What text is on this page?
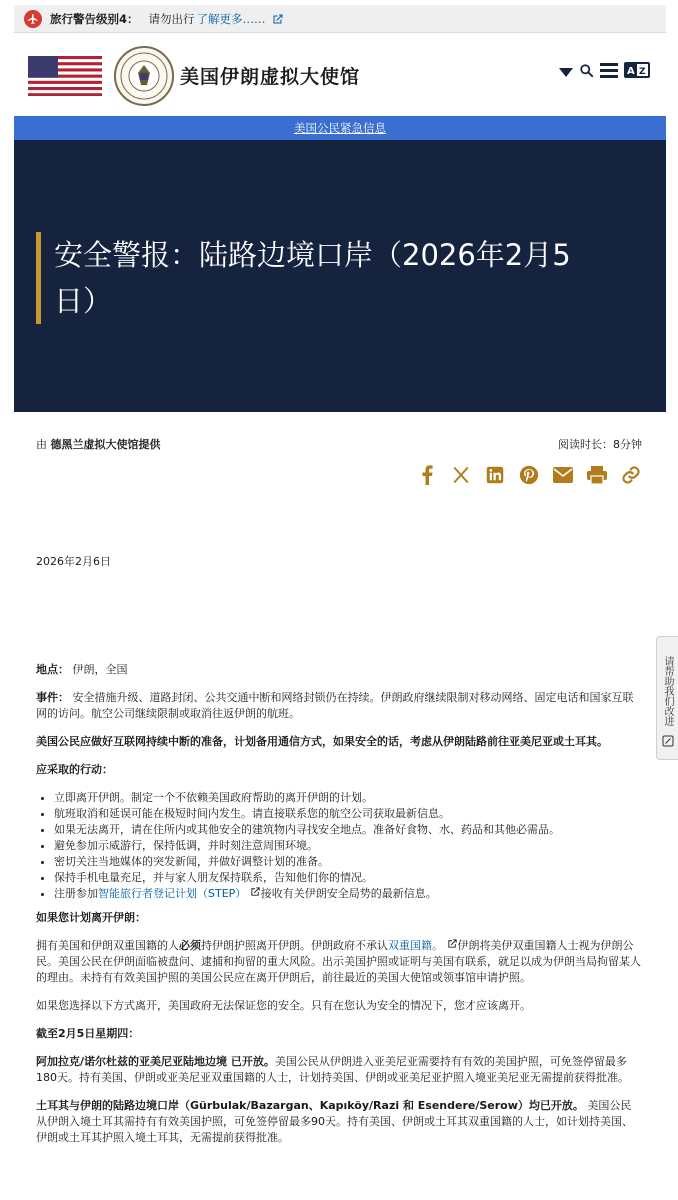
旅行警告级别4： 请勿出行 了解更多……
美国伊朗虚拟大使馆	A Z
美国公民紧急信息
安全警报：陆路边境口岸（2026年2月5日）
由 德黑兰虚拟大使馆提供	阅读时长：8分钟
2026年2月6日

地点： 伊朗，全国

事件： 安全措施升级、道路封闭、公共交通中断和网络封锁仍在持续。伊朗政府继续限制对移动网络、固定电话和国家互联网的访问。航空公司继续限制或取消往返伊朗的航班。

美国公民应做好互联网持续中断的准备，计划备用通信方式，如果安全的话，考虑从伊朗陆路前往亚美尼亚或土耳其。

应采取的行动：

• 立即离开伊朗。制定一个不依赖美国政府帮助的离开伊朗的计划。
• 航班取消和延误可能在极短时间内发生。请直接联系您的航空公司获取最新信息。
• 如果无法离开，请在住所内或其他安全的建筑物内寻找安全地点。准备好食物、水、药品和其他必需品。
• 避免参加示威游行，保持低调，并时刻注意周围环境。
• 密切关注当地媒体的突发新闻，并做好调整计划的准备。
• 保持手机电量充足，并与家人朋友保持联系，告知他们你的情况。
• 注册参加智能旅行者登记计划（STEP） 接收有关伊朗安全局势的最新信息。

如果您计划离开伊朗：

拥有美国和伊朗双重国籍的人必须持伊朗护照离开伊朗。伊朗政府不承认双重国籍。 伊朗将美伊双重国籍人士视为伊朗公民。美国公民在伊朗面临被盘问、逮捕和拘留的重大风险。出示美国护照或证明与美国有联系，就足以成为伊朗当局拘留某人的理由。未持有有效美国护照的美国公民应在离开伊朗后，前往最近的美国大使馆或领事馆申请护照。

如果您选择以下方式离开，美国政府无法保证您的安全。只有在您认为安全的情况下，您才应该离开。

截至2月5日星期四：

阿加拉克/诺尔杜兹的亚美尼亚陆地边境 已开放。美国公民从伊朗进入亚美尼亚需要持有有效的美国护照，可免签停留最多180天。持有美国、伊朗或亚美尼亚双重国籍的人士，计划持美国、伊朗或亚美尼亚护照入境亚美尼亚无需提前获得批准。

土耳其与伊朗的陆路边境口岸（Gürbulak/Bazargan、Kapıköy/Razi 和 Esendere/Serow）均已开放。 美国公民从伊朗入境土耳其需持有有效美国护照，可免签停留最多90天。持有美国、伊朗或土耳其双重国籍的人士，如计划持美国、伊朗或土耳其护照入境土耳其，无需提前获得批准。

请帮助我们改进
